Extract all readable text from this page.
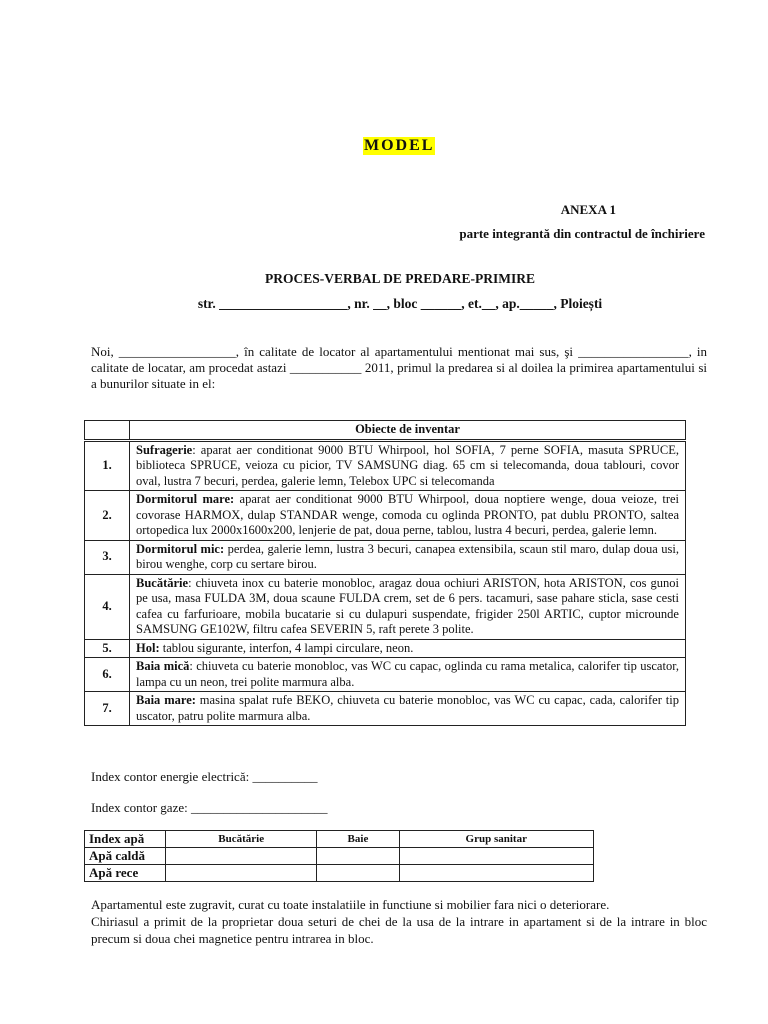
MODEL
ANEXA 1
parte integrantă din contractul de închiriere
PROCES-VERBAL DE PREDARE-PRIMIRE
str. ___________________, nr. __, bloc ______, et.__, ap._____, Ploiești
Noi, __________________, în calitate de locator al apartamentului mentionat mai sus, şi _________________, in calitate de locatar, am procedat astazi ___________ 2011, primul la predarea si al doilea la primirea apartamentului si a bunurilor situate in el:
	Obiecte de inventar
1.	Sufragerie: aparat aer conditionat 9000 BTU Whirpool, hol SOFIA, 7 perne SOFIA, masuta SPRUCE, biblioteca SPRUCE, veioza cu picior, TV SAMSUNG diag. 65 cm si telecomanda, doua tablouri, covor oval, lustra 7 becuri, perdea, galerie lemn, Telebox UPC si telecomanda
2.	Dormitorul mare: aparat aer conditionat 9000 BTU Whirpool, doua noptiere wenge, doua veioze, trei covorase HARMOX, dulap STANDAR wenge, comoda cu oglinda PRONTO, pat dublu PRONTO, saltea ortopedica lux 2000x1600x200, lenjerie de pat, doua perne, tablou, lustra 4 becuri, perdea, galerie lemn.
3.	Dormitorul mic: perdea, galerie lemn, lustra 3 becuri, canapea extensibila, scaun stil maro, dulap doua usi, birou wenghe, corp cu sertare birou.
4.	Bucătărie: chiuveta inox cu baterie monobloc, aragaz doua ochiuri ARISTON, hota ARISTON, cos gunoi pe usa, masa FULDA 3M, doua scaune FULDA crem, set de 6 pers. tacamuri, sase pahare sticla, sase cesti cafea cu farfurioare, mobila bucatarie si cu dulapuri suspendate, frigider 250l ARTIC, cuptor microunde SAMSUNG GE102W, filtru cafea SEVERIN 5, raft perete 3 polite.
5.	Hol: tablou sigurante, interfon, 4 lampi circulare, neon.
6.	Baia mică: chiuveta cu baterie monobloc, vas WC cu capac, oglinda cu rama metalica, calorifer tip uscator, lampa cu un neon, trei polite marmura alba.
7.	Baia mare: masina spalat rufe BEKO, chiuveta cu baterie monobloc, vas WC cu capac, cada, calorifer tip uscator, patru polite marmura alba.
Index contor energie electrică: __________
Index contor gaze: _____________________
Index apă	Bucătărie	Baie	Grup sanitar
Apă caldă			
Apă rece			

Apartamentul este zugravit, curat cu toate instalatiile in functiune si mobilier fara nici o deteriorare.

Chiriasul a primit de la proprietar doua seturi de chei de la usa de la intrare in apartament si de la intrare in bloc precum si doua chei magnetice pentru intrarea in bloc.
